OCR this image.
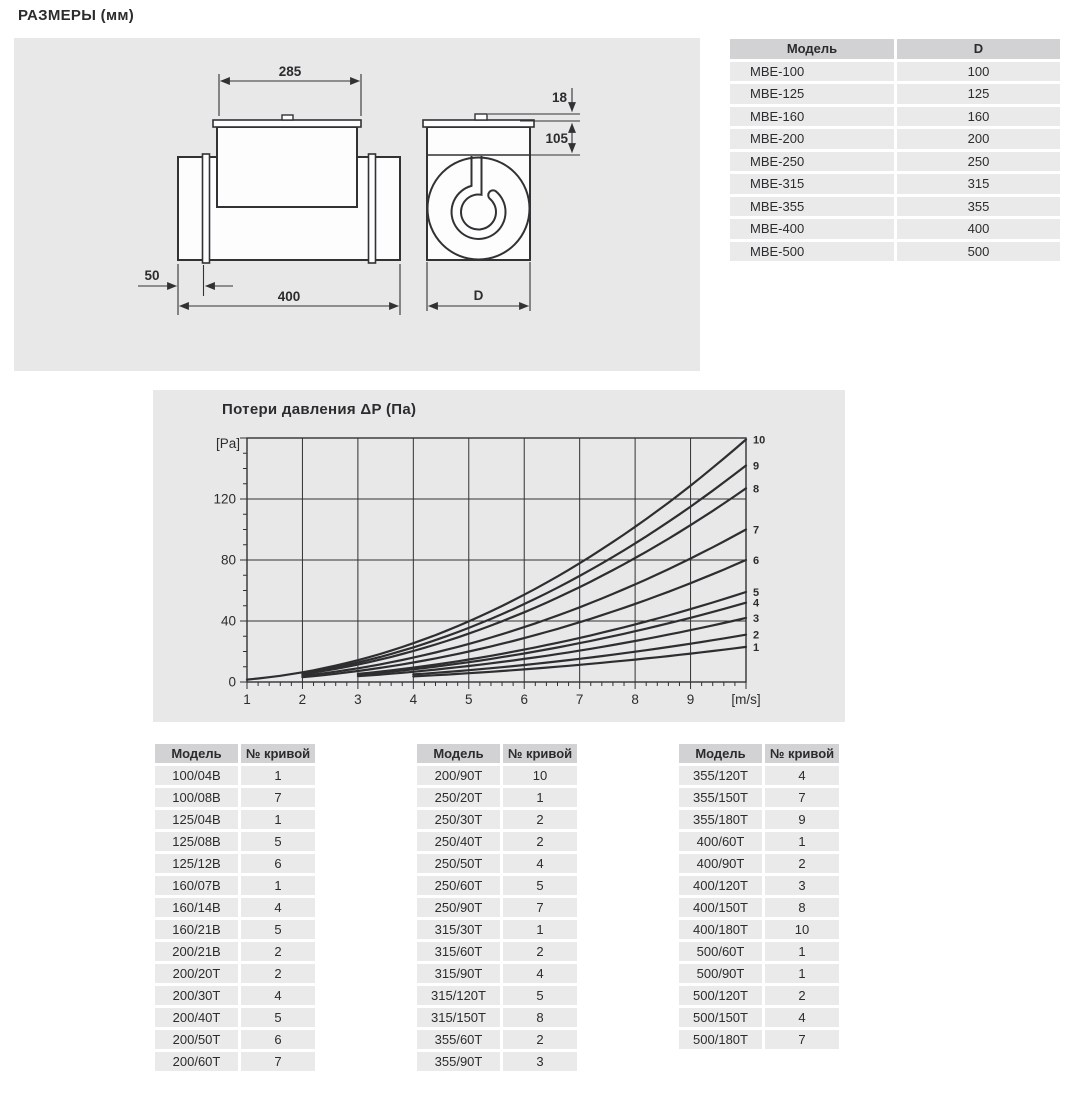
РАЗМЕРЫ (мм)
285
400
50
18
105
D
Модель	D
МВЕ-100	100
МВЕ-125	125
МВЕ-160	160
МВЕ-200	200
МВЕ-250	250
МВЕ-315	315
МВЕ-355	355
МВЕ-400	400
МВЕ-500	500
Потери давления ΔP (Па)
1	2	3	4	5	6	7	8	9	[m/s]
0
40
80
120
[Pa]
1
2
3
4
5
6
7
8
9
10
Модель	№ кривой
100/04В	1
100/08В	7
125/04В	1
125/08В	5
125/12В	6
160/07В	1
160/14В	4
160/21В	5
200/21В	2
200/20Т	2
200/30Т	4
200/40Т	5
200/50Т	6
200/60Т	7
Модель	№ кривой
200/90Т	10
250/20Т	1
250/30Т	2
250/40Т	2
250/50Т	4
250/60Т	5
250/90Т	7
315/30Т	1
315/60Т	2
315/90Т	4
315/120Т	5
315/150Т	8
355/60Т	2
355/90Т	3
Модель	№ кривой
355/120Т	4
355/150Т	7
355/180Т	9
400/60Т	1
400/90Т	2
400/120Т	3
400/150Т	8
400/180Т	10
500/60Т	1
500/90Т	1
500/120Т	2
500/150Т	4
500/180Т	7
